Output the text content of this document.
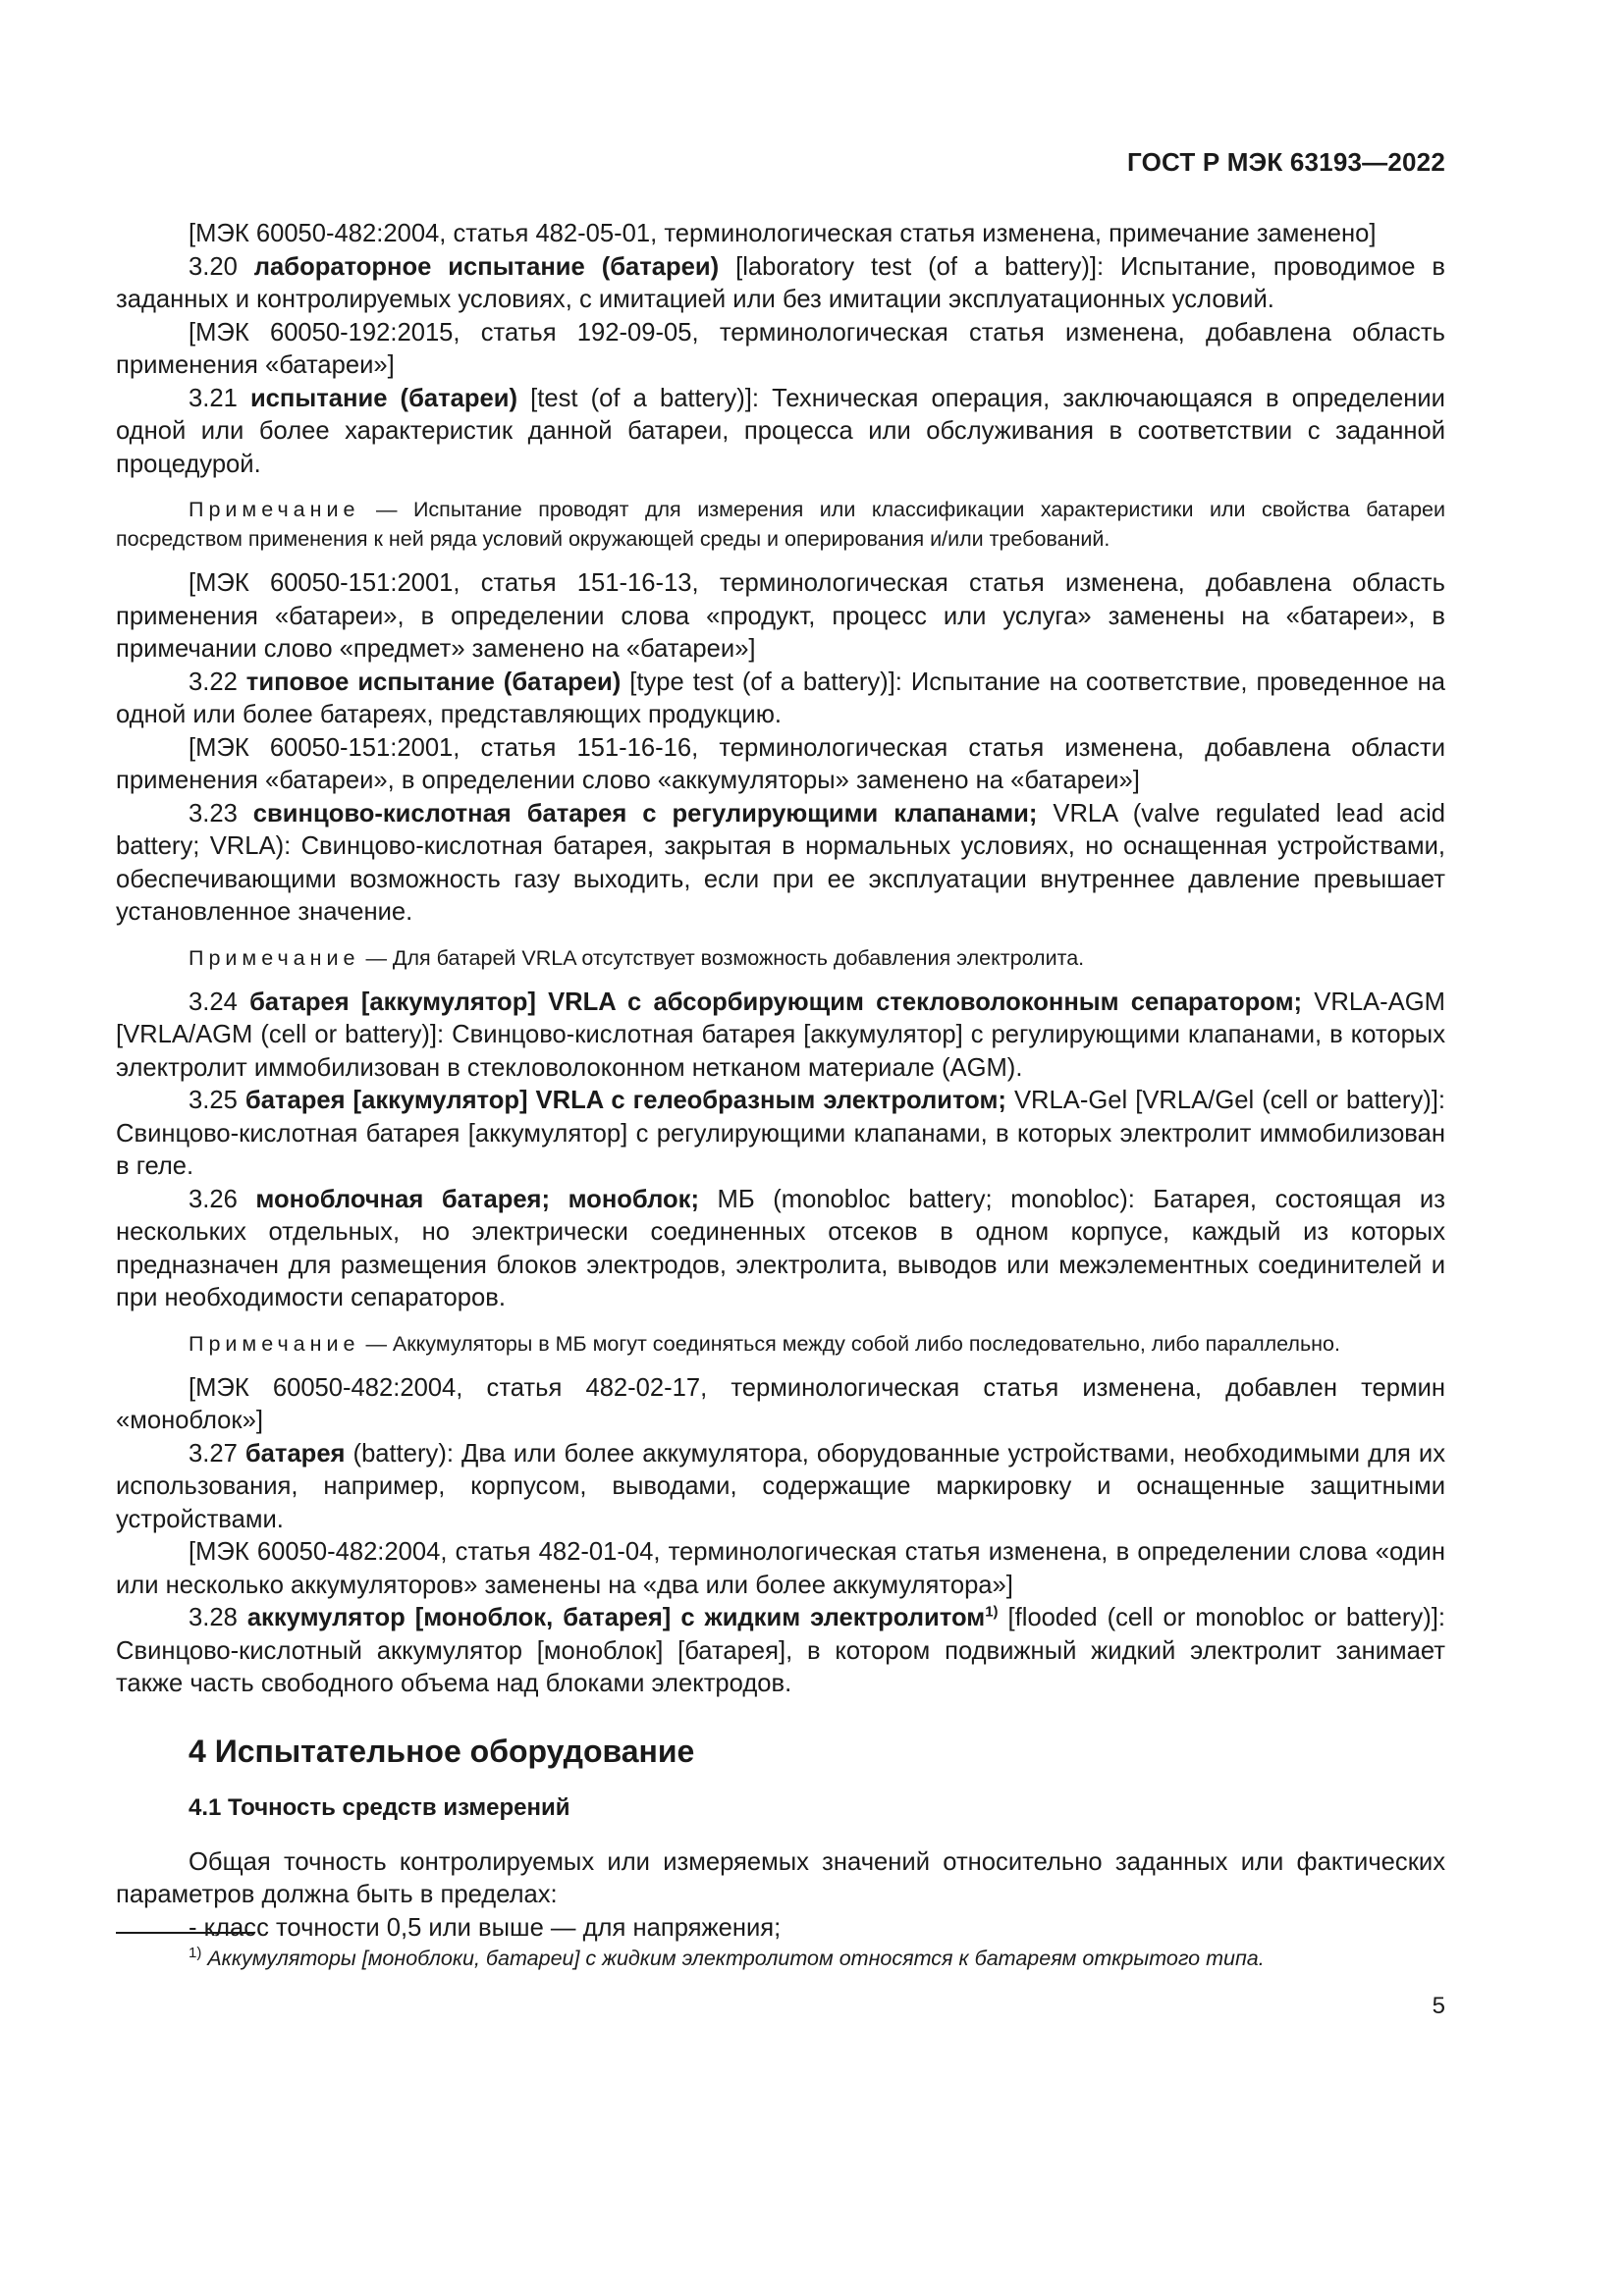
ГОСТ Р МЭК 63193—2022

[МЭК 60050-482:2004, статья 482-05-01, терминологическая статья изменена, примечание заменено]

3.20 лабораторное испытание (батареи) [laboratory test (of a battery)]: Испытание, проводимое в заданных и контролируемых условиях, с имитацией или без имитации эксплуатационных условий.

[МЭК 60050-192:2015, статья 192-09-05, терминологическая статья изменена, добавлена область применения «батареи»]

3.21 испытание (батареи) [test (of a battery)]: Техническая операция, заключающаяся в определении одной или более характеристик данной батареи, процесса или обслуживания в соответствии с заданной процедурой.

Примечание — Испытание проводят для измерения или классификации характеристики или свойства батареи посредством применения к ней ряда условий окружающей среды и оперирования и/или требований.

[МЭК 60050-151:2001, статья 151-16-13, терминологическая статья изменена, добавлена область применения «батареи», в определении слова «продукт, процесс или услуга» заменены на «батареи», в примечании слово «предмет» заменено на «батареи»]

3.22 типовое испытание (батареи) [type test (of a battery)]: Испытание на соответствие, проведенное на одной или более батареях, представляющих продукцию.

[МЭК 60050-151:2001, статья 151-16-16, терминологическая статья изменена, добавлена области применения «батареи», в определении слово «аккумуляторы» заменено на «батареи»]

3.23 свинцово-кислотная батарея с регулирующими клапанами; VRLA (valve regulated lead acid battery; VRLA): Свинцово-кислотная батарея, закрытая в нормальных условиях, но оснащенная устройствами, обеспечивающими возможность газу выходить, если при ее эксплуатации внутреннее давление превышает установленное значение.

Примечание — Для батарей VRLA отсутствует возможность добавления электролита.

3.24 батарея [аккумулятор] VRLA с абсорбирующим стекловолоконным сепаратором; VRLA-AGM [VRLA/AGM (cell or battery)]: Свинцово-кислотная батарея [аккумулятор] с регулирующими клапанами, в которых электролит иммобилизован в стекловолоконном нетканом материале (AGM).

3.25 батарея [аккумулятор] VRLA с гелеобразным электролитом; VRLA-Gel [VRLA/Gel (cell or battery)]: Свинцово-кислотная батарея [аккумулятор] с регулирующими клапанами, в которых электролит иммобилизован в геле.

3.26 моноблочная батарея; моноблок; МБ (monobloc battery; monobloc): Батарея, состоящая из нескольких отдельных, но электрически соединенных отсеков в одном корпусе, каждый из которых предназначен для размещения блоков электродов, электролита, выводов или межэлементных соединителей и при необходимости сепараторов.

Примечание — Аккумуляторы в МБ могут соединяться между собой либо последовательно, либо параллельно.

[МЭК 60050-482:2004, статья 482-02-17, терминологическая статья изменена, добавлен термин «моноблок»]

3.27 батарея (battery): Два или более аккумулятора, оборудованные устройствами, необходимыми для их использования, например, корпусом, выводами, содержащие маркировку и оснащенные защитными устройствами.

[МЭК 60050-482:2004, статья 482-01-04, терминологическая статья изменена, в определении слова «один или несколько аккумуляторов» заменены на «два или более аккумулятора»]

3.28 аккумулятор [моноблок, батарея] с жидким электролитом$^{1)}$ [flooded (cell or monobloc or battery)]: Свинцово-кислотный аккумулятор [моноблок] [батарея], в котором подвижный жидкий электролит занимает также часть свободного объема над блоками электродов.

4 Испытательное оборудование
4.1 Точность средств измерений

Общая точность контролируемых или измеряемых значений относительно заданных или фактических параметров должна быть в пределах:

- класс точности 0,5 или выше — для напряжения;

$^{1)}$ Аккумуляторы [моноблоки, батареи] с жидким электролитом относятся к батареям открытого типа.
5
